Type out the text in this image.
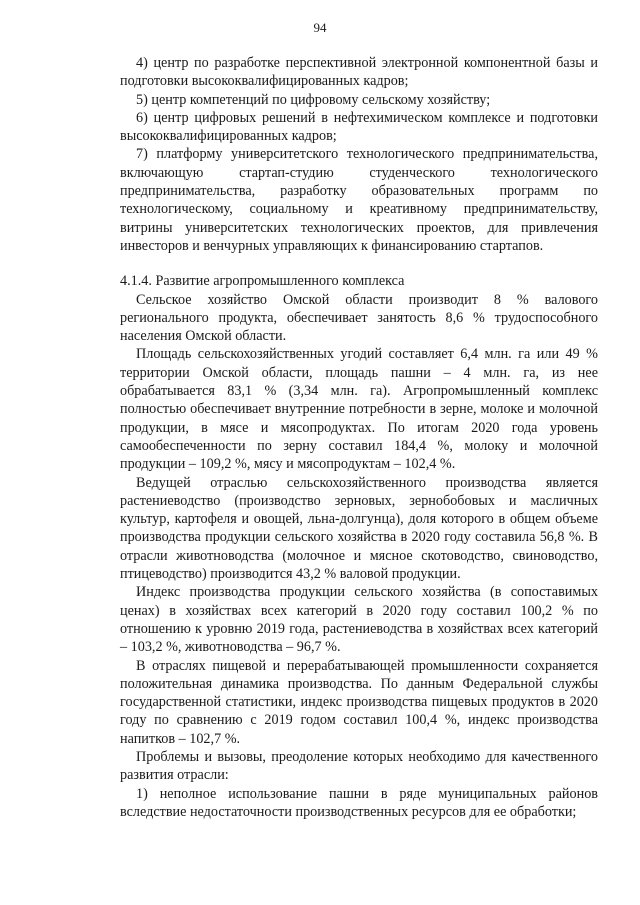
94

4) центр по разработке перспективной электронной компонентной базы и подготовки высококвалифицированных кадров;

5) центр компетенций по цифровому сельскому хозяйству;

6) центр цифровых решений в нефтехимическом комплексе и подготовки высококвалифицированных кадров;

7) платформу университетского технологического предпринимательства, включающую стартап-студию студенческого технологического предпринимательства, разработку образовательных программ по технологическому, социальному и креативному предпринимательству, витрины университетских технологических проектов, для привлечения инвесторов и венчурных управляющих к финансированию стартапов.

4.1.4. Развитие агропромышленного комплекса

Сельское хозяйство Омской области производит 8 % валового регионального продукта, обеспечивает занятость 8,6 % трудоспособного населения Омской области.

Площадь сельскохозяйственных угодий составляет 6,4 млн. га или 49 % территории Омской области, площадь пашни – 4 млн. га, из нее обрабатывается 83,1 % (3,34 млн. га). Агропромышленный комплекс полностью обеспечивает внутренние потребности в зерне, молоке и молочной продукции, в мясе и мясопродуктах. По итогам 2020 года уровень самообеспеченности по зерну составил 184,4 %, молоку и молочной продукции – 109,2 %, мясу и мясопродуктам – 102,4 %.

Ведущей отраслью сельскохозяйственного производства является растениеводство (производство зерновых, зернобобовых и масличных культур, картофеля и овощей, льна-долгунца), доля которого в общем объеме производства продукции сельского хозяйства в 2020 году составила 56,8 %. В отрасли животноводства (молочное и мясное скотоводство, свиноводство, птицеводство) производится 43,2 % валовой продукции.

Индекс производства продукции сельского хозяйства (в сопоставимых ценах) в хозяйствах всех категорий в 2020 году составил 100,2 % по отношению к уровню 2019 года, растениеводства в хозяйствах всех категорий – 103,2 %, животноводства – 96,7 %.

В отраслях пищевой и перерабатывающей промышленности сохраняется положительная динамика производства. По данным Федеральной службы государственной статистики, индекс производства пищевых продуктов в 2020 году по сравнению с 2019 годом составил 100,4 %, индекс производства напитков – 102,7 %.

Проблемы и вызовы, преодоление которых необходимо для качественного развития отрасли:

1) неполное использование пашни в ряде муниципальных районов вследствие недостаточности производственных ресурсов для ее обработки;
